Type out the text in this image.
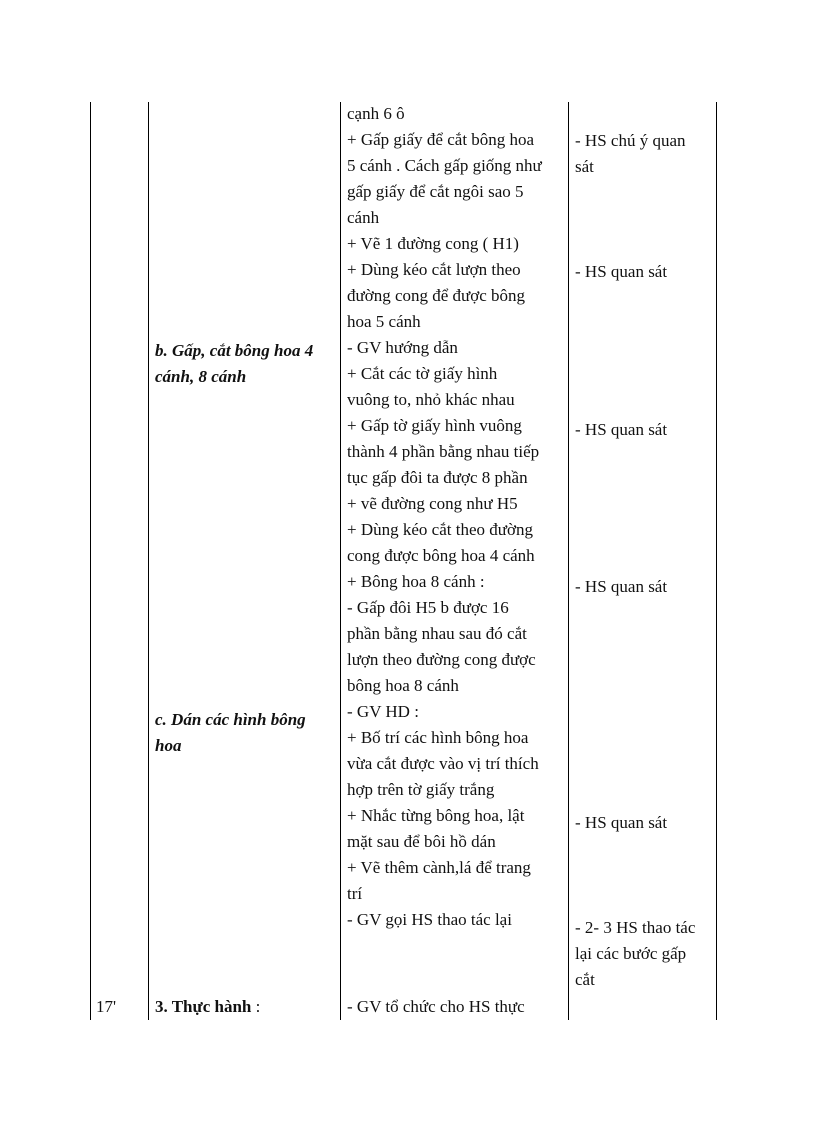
17'
b. Gấp, cắt bông hoa 4
cánh, 8 cánh
c. Dán các hình bông
hoa
3. Thực hành :
cạnh 6 ô
+ Gấp giấy để cắt bông hoa
5 cánh . Cách gấp giống như
gấp giấy để cắt ngôi sao 5
cánh
+ Vẽ 1 đường cong ( H1)
+ Dùng kéo cắt lượn theo
đường cong để được bông
hoa 5 cánh
- GV hướng dẫn
+ Cắt các tờ giấy hình
vuông to, nhỏ khác nhau
+ Gấp tờ giấy hình vuông
thành 4 phần bằng nhau tiếp
tục gấp đôi ta được 8 phần
+ vẽ đường cong như H5
+ Dùng kéo cắt theo đường
cong được bông hoa 4 cánh
+ Bông hoa 8 cánh :
- Gấp đôi H5 b được 16
phần bằng nhau sau đó cắt
lượn theo đường cong được
bông hoa 8 cánh
- GV HD :
+ Bố trí các hình bông hoa
vừa cắt được vào vị trí thích
hợp trên tờ giấy trắng
+ Nhắc từng bông hoa, lật
mặt sau để bôi hồ dán
+ Vẽ thêm cành,lá để trang
trí
- GV gọi HS thao tác lại
- GV tổ chức cho HS thực
- HS chú ý quan
sát
- HS quan sát
- HS quan sát
- HS quan sát
- HS quan sát
- 2- 3 HS thao tác
lại các bước gấp
cắt
